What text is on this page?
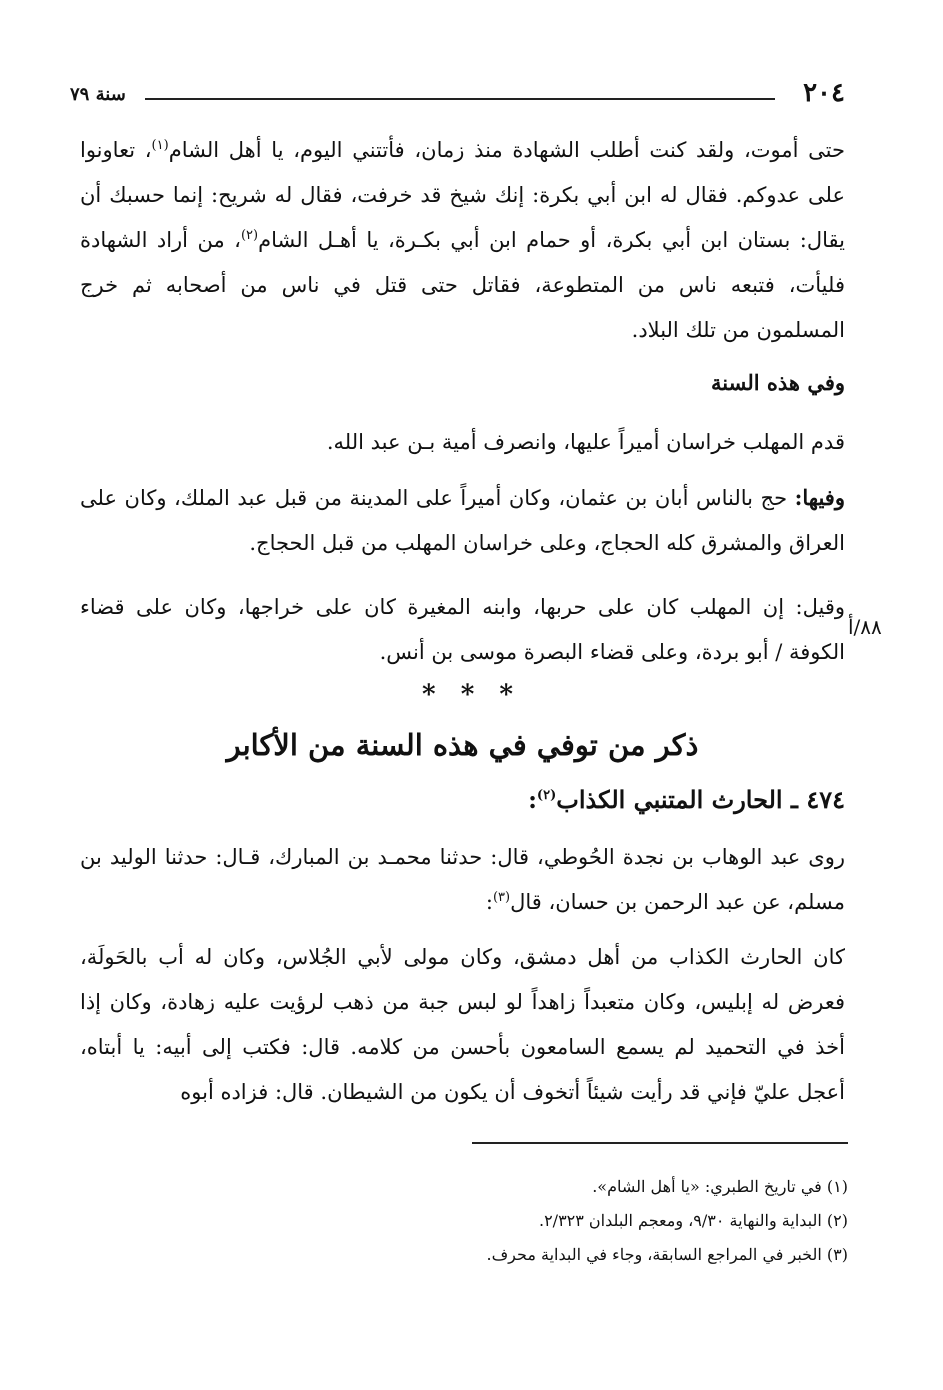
٢٠٤
سنة ٧٩

حتى أموت، ولقد كنت أطلب الشهادة منذ زمان، فأتتني اليوم، يا أهل الشام$^{(١)}$، تعاونوا على عدوكم. فقال له ابن أبي بكرة: إنك شيخ قد خرفت، فقال له شريح: إنما حسبك أن يقال: بستان ابن أبي بكرة، أو حمام ابن أبي بكـرة، يا أهـل الشام$^{(٢)}$، من أراد الشهادة فليأت، فتبعه ناس من المتطوعة، فقاتل حتى قتل في ناس من أصحابه ثم خرج المسلمون من تلك البلاد.

وفي هذه السنة

قدم المهلب خراسان أميراً عليها، وانصرف أمية بـن عبد الله.

وفيها: حج بالناس أبان بن عثمان، وكان أميراً على المدينة من قبل عبد الملك، وكان على العراق والمشرق كله الحجاج، وعلى خراسان المهلب من قبل الحجاج.

وقيل: إن المهلب كان على حربها، وابنه المغيرة كان على خراجها، وكان على قضاء الكوفة / أبو بردة، وعلى قضاء البصرة موسى بن أنس.

٨٨/أ
* * *
ذكر من توفي في هذه السنة من الأكابر
٤٧٤ ـ الحارث المتنبي الكذاب$^{(٢)}$:

روى عبد الوهاب بن نجدة الحُوطي، قال: حدثنا محمـد بن المبارك، قـال: حدثنا الوليد بن مسلم، عن عبد الرحمن بن حسان، قال$^{(٣)}$:

كان الحارث الكذاب من أهل دمشق، وكان مولى لأبي الجُلاس، وكان له أب بالحَولَة، فعرض له إبليس، وكان متعبداً زاهداً لو لبس جبة من ذهب لرؤيت عليه زهادة، وكان إذا أخذ في التحميد لم يسمع السامعون بأحسن من كلامه. قال: فكتب إلى أبيه: يا أبتاه، أعجل عليّ فإني قد رأيت شيئاً أتخوف أن يكون من الشيطان. قال: فزاده أبوه

(١) في تاريخ الطبري: «يا أهل الشام».

(٢) البداية والنهاية ٩/٣٠، ومعجم البلدان ٢/٣٢٣.

(٣) الخبر في المراجع السابقة، وجاء في البداية محرف.
